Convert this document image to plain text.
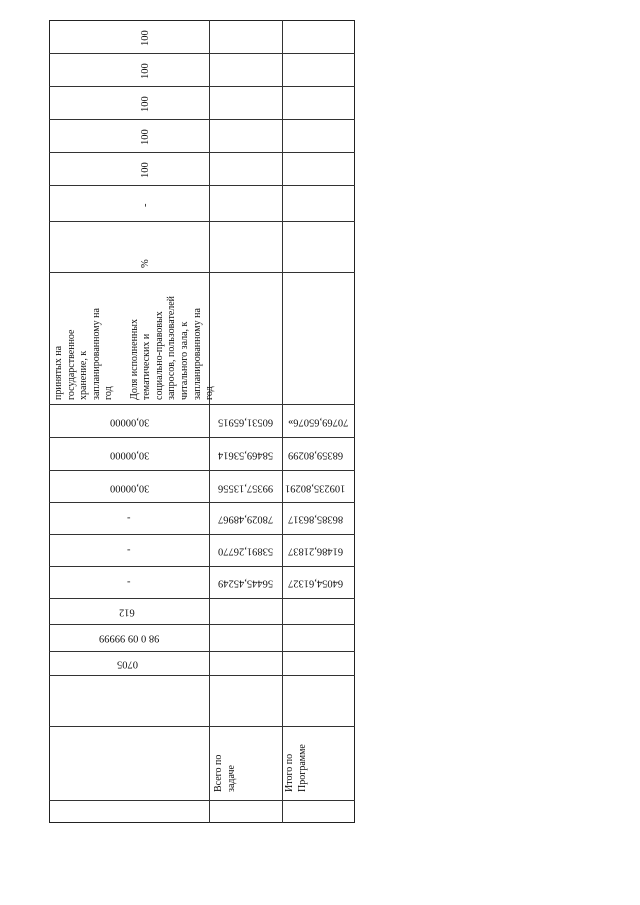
100
100
100
100
100
-
%
принятых на государственное хранение, к запланированному на год Доля исполненных тематических и социально-правовых запросов, пользователей читального зала, к запланированному на год
30,00000	60531,65915 70769,65076»
30,00000	58469,53614 68359,80299
30,00000	99357,13556 109235,80291
-	78029,48967 86385,86317
-	53891,26770 61486,21837
-	56445,45249 64054,61327
612
98 0 09 99999
0705
Всего по задаче	Итого по Программе
